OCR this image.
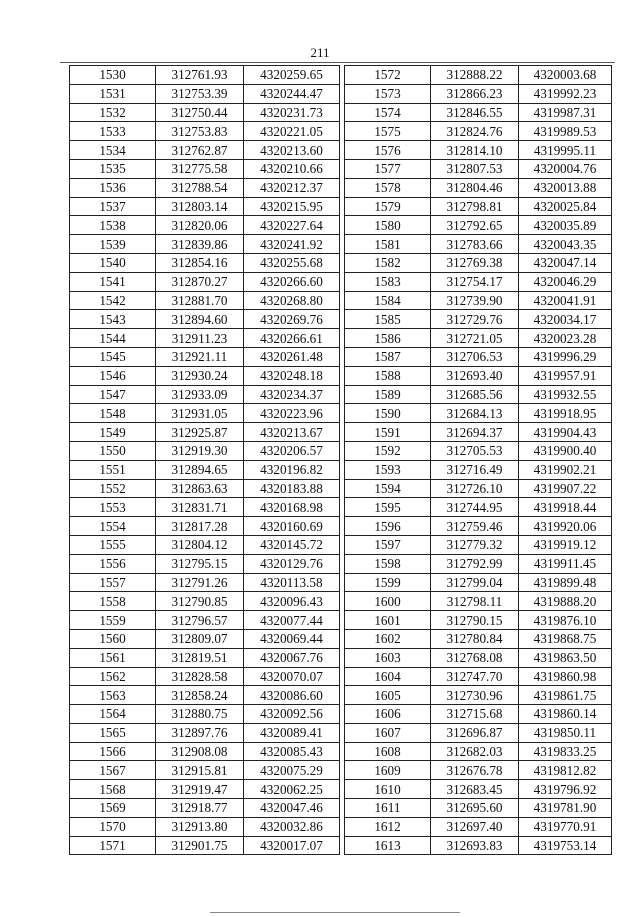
211
1530	312761.93	4320259.65
1531	312753.39	4320244.47
1532	312750.44	4320231.73
1533	312753.83	4320221.05
1534	312762.87	4320213.60
1535	312775.58	4320210.66
1536	312788.54	4320212.37
1537	312803.14	4320215.95
1538	312820.06	4320227.64
1539	312839.86	4320241.92
1540	312854.16	4320255.68
1541	312870.27	4320266.60
1542	312881.70	4320268.80
1543	312894.60	4320269.76
1544	312911.23	4320266.61
1545	312921.11	4320261.48
1546	312930.24	4320248.18
1547	312933.09	4320234.37
1548	312931.05	4320223.96
1549	312925.87	4320213.67
1550	312919.30	4320206.57
1551	312894.65	4320196.82
1552	312863.63	4320183.88
1553	312831.71	4320168.98
1554	312817.28	4320160.69
1555	312804.12	4320145.72
1556	312795.15	4320129.76
1557	312791.26	4320113.58
1558	312790.85	4320096.43
1559	312796.57	4320077.44
1560	312809.07	4320069.44
1561	312819.51	4320067.76
1562	312828.58	4320070.07
1563	312858.24	4320086.60
1564	312880.75	4320092.56
1565	312897.76	4320089.41
1566	312908.08	4320085.43
1567	312915.81	4320075.29
1568	312919.47	4320062.25
1569	312918.77	4320047.46
1570	312913.80	4320032.86
1571	312901.75	4320017.07
1572	312888.22	4320003.68
1573	312866.23	4319992.23
1574	312846.55	4319987.31
1575	312824.76	4319989.53
1576	312814.10	4319995.11
1577	312807.53	4320004.76
1578	312804.46	4320013.88
1579	312798.81	4320025.84
1580	312792.65	4320035.89
1581	312783.66	4320043.35
1582	312769.38	4320047.14
1583	312754.17	4320046.29
1584	312739.90	4320041.91
1585	312729.76	4320034.17
1586	312721.05	4320023.28
1587	312706.53	4319996.29
1588	312693.40	4319957.91
1589	312685.56	4319932.55
1590	312684.13	4319918.95
1591	312694.37	4319904.43
1592	312705.53	4319900.40
1593	312716.49	4319902.21
1594	312726.10	4319907.22
1595	312744.95	4319918.44
1596	312759.46	4319920.06
1597	312779.32	4319919.12
1598	312792.99	4319911.45
1599	312799.04	4319899.48
1600	312798.11	4319888.20
1601	312790.15	4319876.10
1602	312780.84	4319868.75
1603	312768.08	4319863.50
1604	312747.70	4319860.98
1605	312730.96	4319861.75
1606	312715.68	4319860.14
1607	312696.87	4319850.11
1608	312682.03	4319833.25
1609	312676.78	4319812.82
1610	312683.45	4319796.92
1611	312695.60	4319781.90
1612	312697.40	4319770.91
1613	312693.83	4319753.14
